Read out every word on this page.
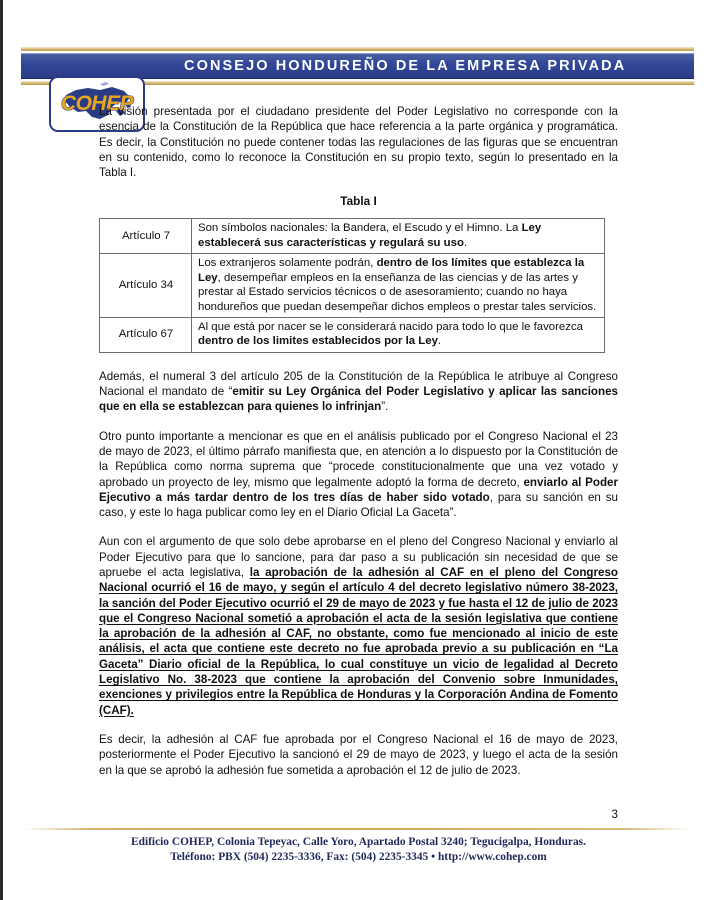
CONSEJO HONDUREÑO DE LA EMPRESA PRIVADA
COHEP

La visión presentada por el ciudadano presidente del Poder Legislativo no corresponde con la esencia de la Constitución de la República que hace referencia a la parte orgánica y programática. Es decir, la Constitución no puede contener todas las regulaciones de las figuras que se encuentran en su contenido, como lo reconoce la Constitución en su propio texto, según lo presentado en la Tabla I.

Tabla I
Artículo 7	Son símbolos nacionales: la Bandera, el Escudo y el Himno. La Ley establecerá sus características y regulará su uso.
Artículo 34	Los extranjeros solamente podrán, dentro de los límites que establezca la Ley, desempeñar empleos en la enseñanza de las ciencias y de las artes y prestar al Estado servicios técnicos o de asesoramiento; cuando no haya hondureños que puedan desempeñar dichos empleos o prestar tales servicios.
Artículo 67	Al que está por nacer se le considerará nacido para todo lo que le favorezca dentro de los limites establecidos por la Ley.

Además, el numeral 3 del artículo 205 de la Constitución de la República le atribuye al Congreso Nacional el mandato de “emitir su Ley Orgánica del Poder Legislativo y aplicar las sanciones que en ella se establezcan para quienes lo infrinjan”.

Otro punto importante a mencionar es que en el análisis publicado por el Congreso Nacional el 23 de mayo de 2023, el último párrafo manifiesta que, en atención a lo dispuesto por la Constitución de la República como norma suprema que “procede constitucionalmente que una vez votado y aprobado un proyecto de ley, mismo que legalmente adoptó la forma de decreto, enviarlo al Poder Ejecutivo a más tardar dentro de los tres días de haber sido votado, para su sanción en su caso, y este lo haga publicar como ley en el Diario Oficial La Gaceta”.

Aun con el argumento de que solo debe aprobarse en el pleno del Congreso Nacional y enviarlo al Poder Ejecutivo para que lo sancione, para dar paso a su publicación sin necesidad de que se apruebe el acta legislativa, la aprobación de la adhesión al CAF en el pleno del Congreso Nacional ocurrió el 16 de mayo, y según el artículo 4 del decreto legislativo número 38-2023, la sanción del Poder Ejecutivo ocurrió el 29 de mayo de 2023 y fue hasta el 12 de julio de 2023 que el Congreso Nacional sometió a aprobación el acta de la sesión legislativa que contiene la aprobación de la adhesión al CAF, no obstante, como fue mencionado al inicio de este análisis, el acta que contiene este decreto no fue aprobada previo a su publicación en “La Gaceta” Diario oficial de la República, lo cual constituye un vicio de legalidad al Decreto Legislativo No. 38-2023 que contiene la aprobación del Convenio sobre Inmunidades, exenciones y privilegios entre la República de Honduras y la Corporación Andina de Fomento (CAF).

Es decir, la adhesión al CAF fue aprobada por el Congreso Nacional el 16 de mayo de 2023, posteriormente el Poder Ejecutivo la sancionó el 29 de mayo de 2023, y luego el acta de la sesión en la que se aprobó la adhesión fue sometida a aprobación el 12 de julio de 2023.

3
Edificio COHEP, Colonia Tepeyac, Calle Yoro, Apartado Postal 3240; Tegucigalpa, Honduras.
Teléfono: PBX (504) 2235-3336, Fax: (504) 2235-3345 • http://www.cohep.com
